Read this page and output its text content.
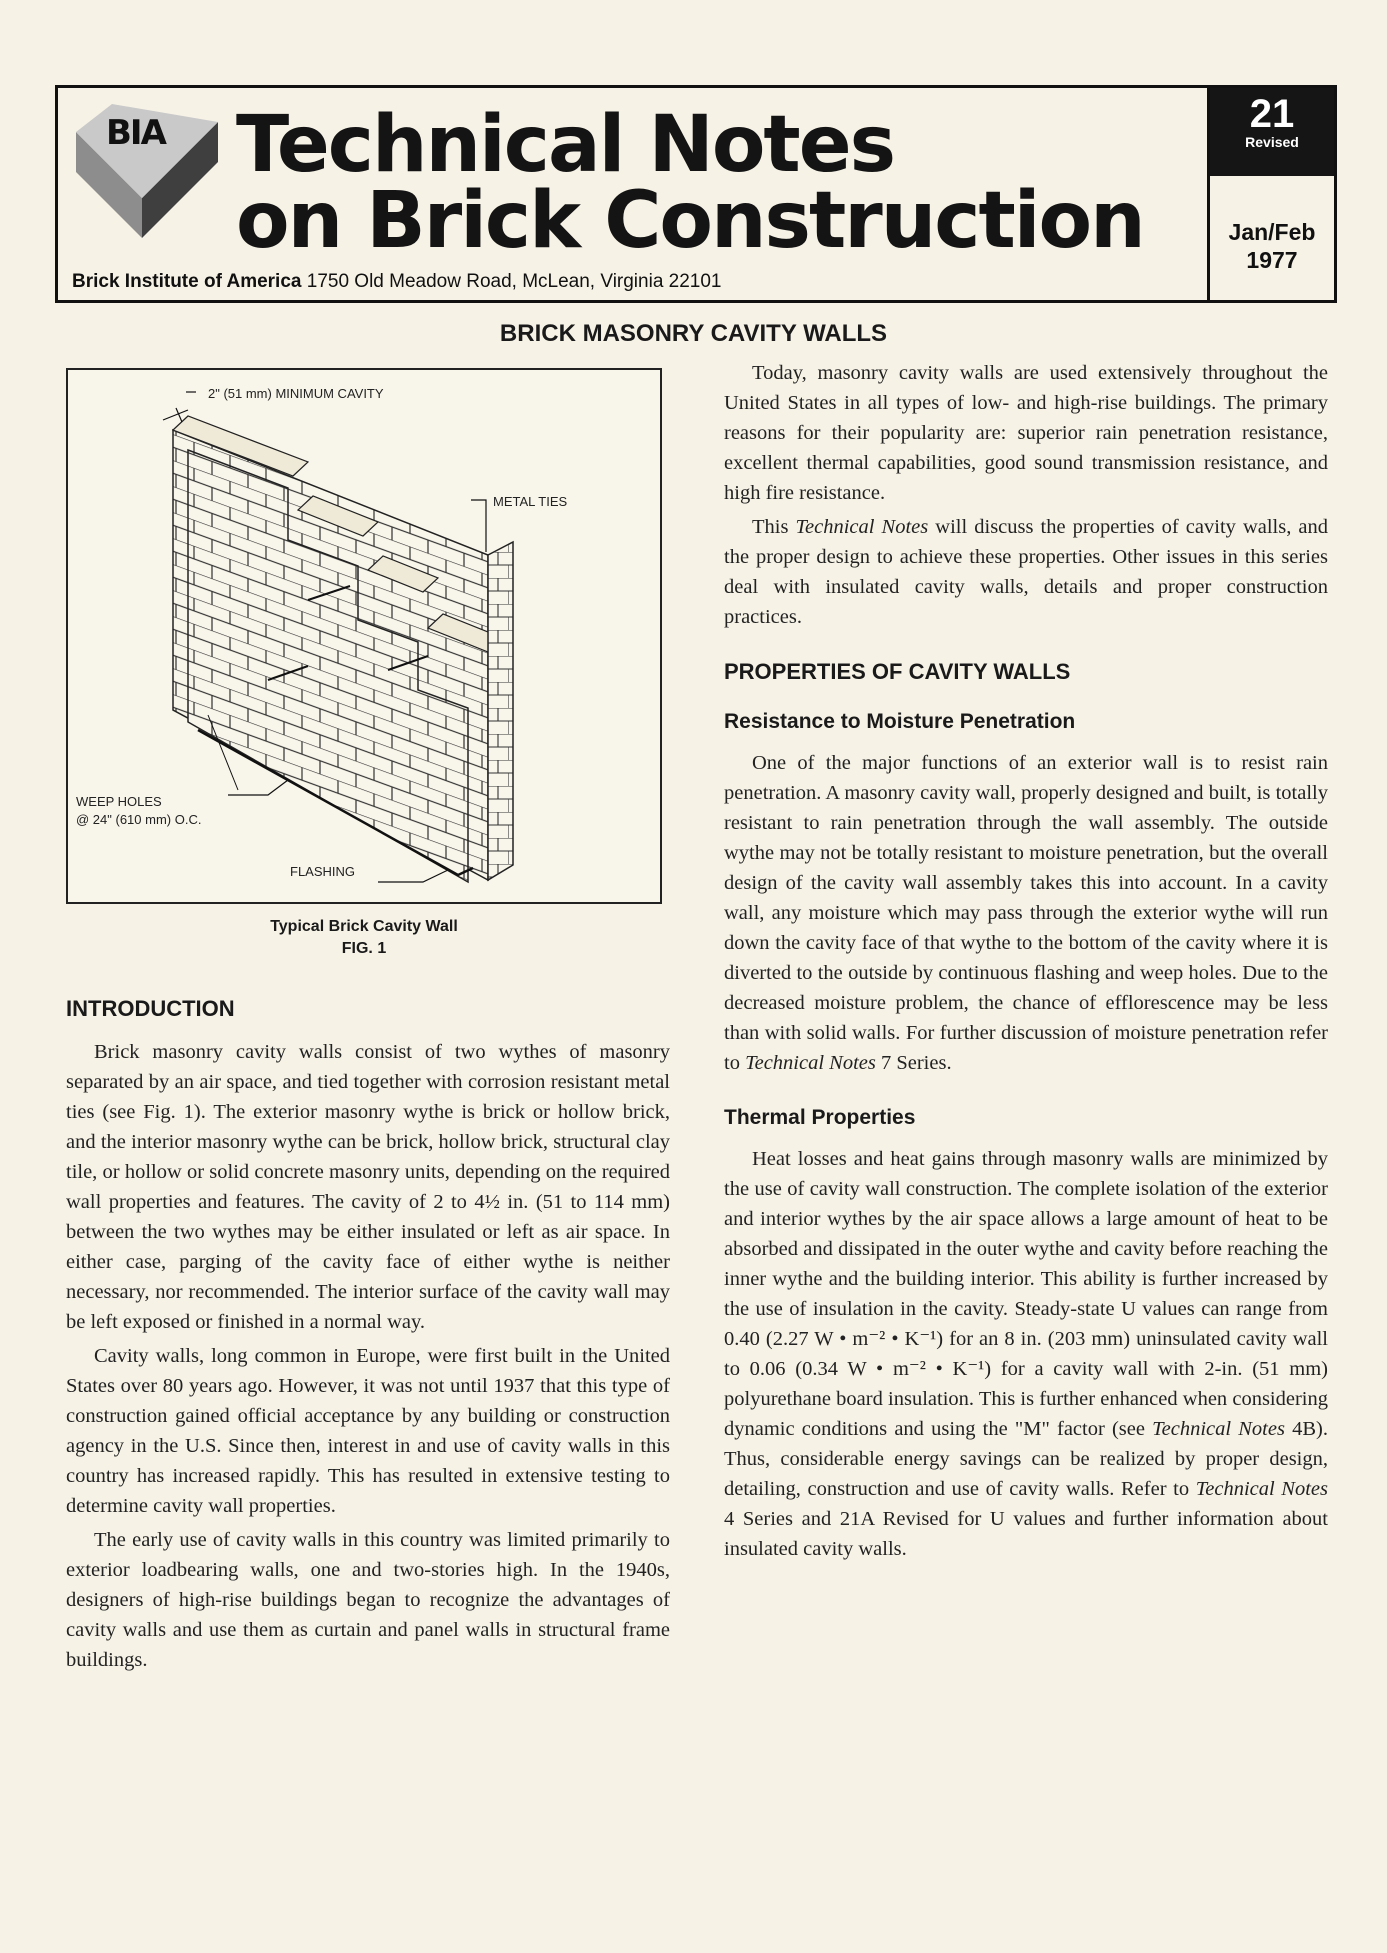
BIA Technical Notes
on Brick Construction
Brick Institute of America 1750 Old Meadow Road, McLean, Virginia 22101
21
Revised
Jan/Feb
1977
BRICK MASONRY CAVITY WALLS
2" (51 mm) MINIMUM CAVITY
METAL TIES
WEEP HOLES
@ 24" (610 mm) O.C.
FLASHING
Typical Brick Cavity Wall
FIG. 1
INTRODUCTION

Brick masonry cavity walls consist of two wythes of masonry separated by an air space, and tied together with corrosion resistant metal ties (see Fig. 1). The exterior masonry wythe is brick or hollow brick, and the interior masonry wythe can be brick, hollow brick, structural clay tile, or hollow or solid concrete masonry units, depending on the required wall properties and features. The cavity of 2 to 4½ in. (51 to 114 mm) between the two wythes may be either insulated or left as air space. In either case, parging of the cavity face of either wythe is neither necessary, nor recommended. The interior surface of the cavity wall may be left exposed or finished in a normal way.

Cavity walls, long common in Europe, were first built in the United States over 80 years ago. However, it was not until 1937 that this type of construction gained official acceptance by any building or construction agency in the U.S. Since then, interest in and use of cavity walls in this country has increased rapidly. This has resulted in extensive testing to determine cavity wall properties.

The early use of cavity walls in this country was limited primarily to exterior loadbearing walls, one and two-stories high. In the 1940s, designers of high-rise buildings began to recognize the advantages of cavity walls and use them as curtain and panel walls in structural frame buildings.

Today, masonry cavity walls are used extensively throughout the United States in all types of low- and high-rise buildings. The primary reasons for their popularity are: superior rain penetration resistance, excellent thermal capabilities, good sound transmission resistance, and high fire resistance.

This Technical Notes will discuss the properties of cavity walls, and the proper design to achieve these properties. Other issues in this series deal with insulated cavity walls, details and proper construction practices.

PROPERTIES OF CAVITY WALLS
Resistance to Moisture Penetration

One of the major functions of an exterior wall is to resist rain penetration. A masonry cavity wall, properly designed and built, is totally resistant to rain penetration through the wall assembly. The outside wythe may not be totally resistant to moisture penetration, but the overall design of the cavity wall assembly takes this into account. In a cavity wall, any moisture which may pass through the exterior wythe will run down the cavity face of that wythe to the bottom of the cavity where it is diverted to the outside by continuous flashing and weep holes. Due to the decreased moisture problem, the chance of efflorescence may be less than with solid walls. For further discussion of moisture penetration refer to Technical Notes 7 Series.

Thermal Properties

Heat losses and heat gains through masonry walls are minimized by the use of cavity wall construction. The complete isolation of the exterior and interior wythes by the air space allows a large amount of heat to be absorbed and dissipated in the outer wythe and cavity before reaching the inner wythe and the building interior. This ability is further increased by the use of insulation in the cavity. Steady-state U values can range from 0.40 (2.27 W • m⁻² • K⁻¹) for an 8 in. (203 mm) uninsulated cavity wall to 0.06 (0.34 W • m⁻² • K⁻¹) for a cavity wall with 2-in. (51 mm) polyurethane board insulation. This is further enhanced when considering dynamic conditions and using the "M" factor (see Technical Notes 4B). Thus, considerable energy savings can be realized by proper design, detailing, construction and use of cavity walls. Refer to Technical Notes 4 Series and 21A Revised for U values and further information about insulated cavity walls.
